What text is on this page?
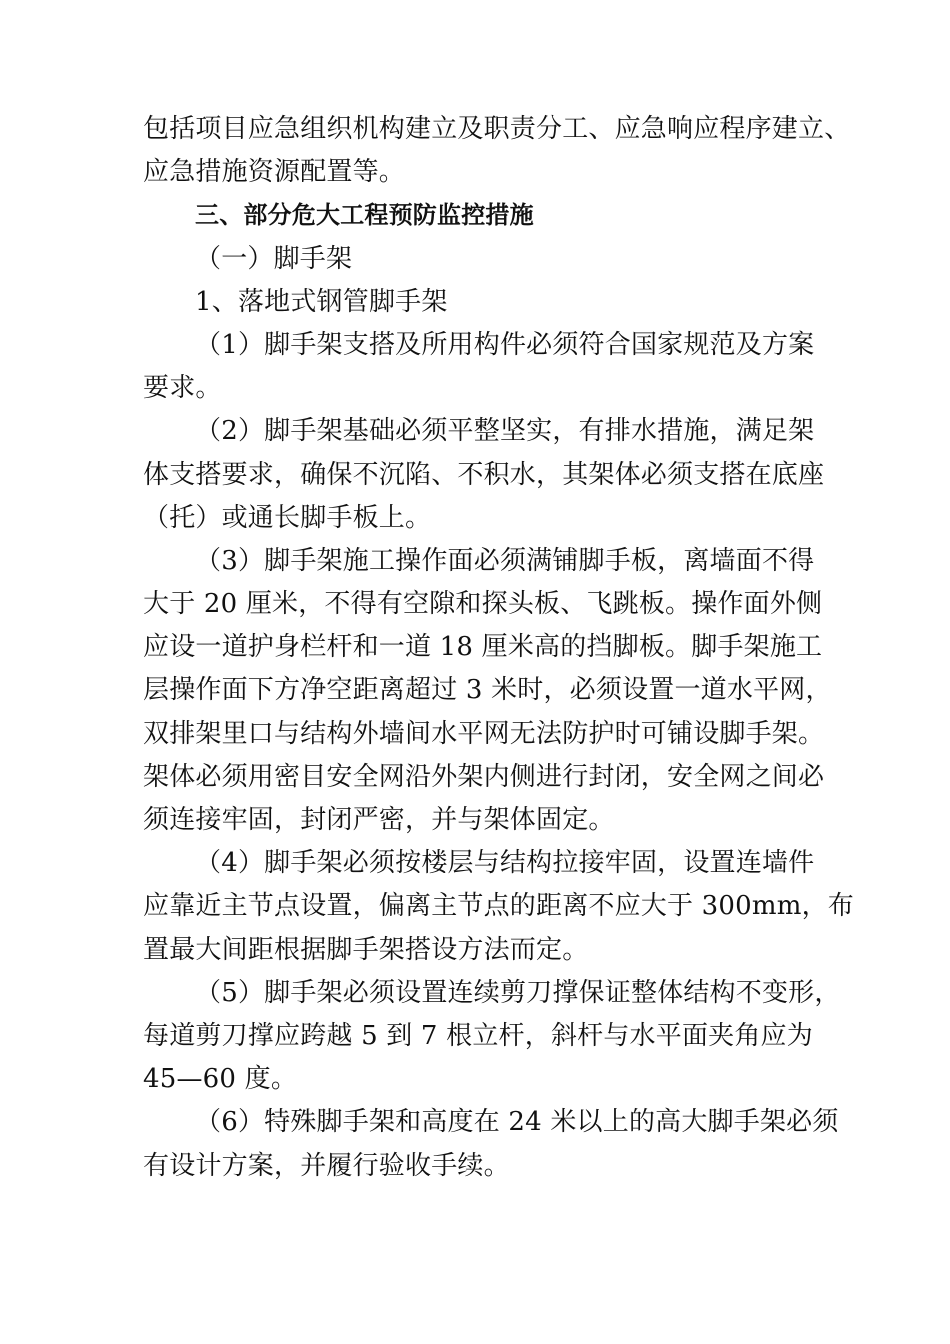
包括项目应急组织机构建立及职责分工、应急响应程序建立、
应急措施资源配置等。
三、部分危大工程预防监控措施
（一）脚手架
1、落地式钢管脚手架
（1）脚手架支搭及所用构件必须符合国家规范及方案
要求。
（2）脚手架基础必须平整坚实，有排水措施，满足架
体支搭要求，确保不沉陷、不积水，其架体必须支搭在底座
（托）或通长脚手板上。
（3）脚手架施工操作面必须满铺脚手板，离墙面不得
大于 20 厘米，不得有空隙和探头板、飞跳板。操作面外侧
应设一道护身栏杆和一道 18 厘米高的挡脚板。脚手架施工
层操作面下方净空距离超过 3 米时，必须设置一道水平网，
双排架里口与结构外墙间水平网无法防护时可铺设脚手架。
架体必须用密目安全网沿外架内侧进行封闭，安全网之间必
须连接牢固，封闭严密，并与架体固定。
（4）脚手架必须按楼层与结构拉接牢固，设置连墙件
应靠近主节点设置，偏离主节点的距离不应大于 300mm，布
置最大间距根据脚手架搭设方法而定。
（5）脚手架必须设置连续剪刀撑保证整体结构不变形，
每道剪刀撑应跨越 5 到 7 根立杆，斜杆与水平面夹角应为
45—60 度。
（6）特殊脚手架和高度在 24 米以上的高大脚手架必须
有设计方案，并履行验收手续。
